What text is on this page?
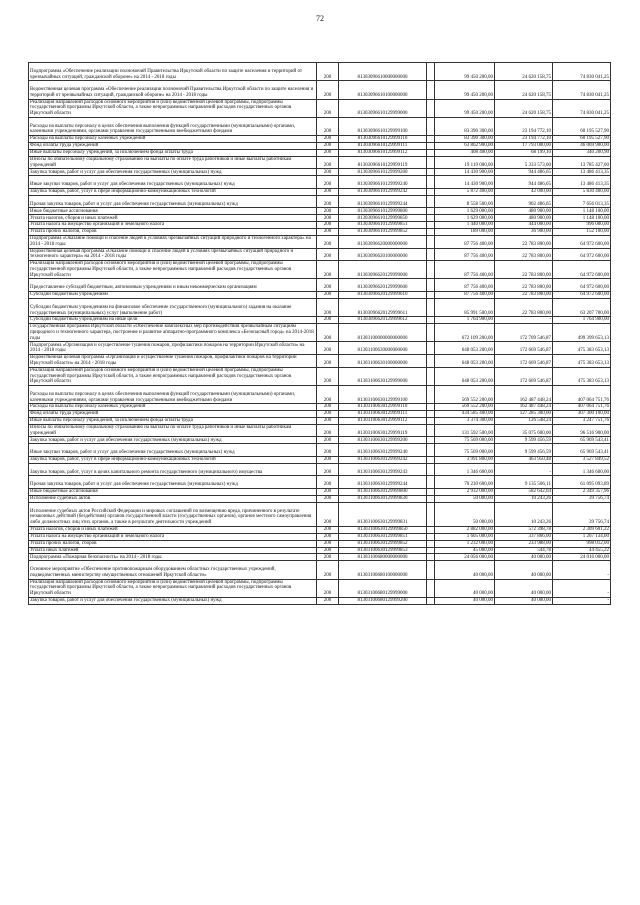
72
Подпрограмма «Обеспечение реализации полномочий Правительства Иркутской области по защите населения и территорий от чрезвычайных ситуаций, гражданской обороне» на 2014 - 2018 годы	200	81303096610000000000		99 450 200,00	24 620 158,75	74 830 041,25
Ведомственная целевая программа «Обеспечение реализации полномочий Правительства Иркутской области по защите населения и территорий от чрезвычайных ситуаций, гражданской обороне» на 2014 - 2018 годы	200	81303096610100000000		99 450 200,00	24 620 158,75	74 830 041,25
Реализация направлений расходов основного мероприятия и (или) ведомственной целевой программы, подпрограммы государственной программы Иркутской области, а также непрограммных направлений расходов государственных органов Иркутской области	200	81303096610129999000		99 450 200,00	24 620 158,75	74 830 041,25
Расходы на выплаты персоналу в целях обеспечения выполнения функций государственными (муниципальными) органами, казенными учреждениями, органами управления государственными внебюджетными фондами	200	81303096610129999100		83 390 300,00	23 194 772,10	60 195 527,90
Расходы на выплаты персоналу казенных учреждений	200	81303096610129999110		83 390 300,00	23 194 772,10	60 195 527,90
Фонд оплаты труда учреждений	200	81303096610129999111		63 862 900,00	17 793 000,00	46 069 900,00
Иные выплаты персоналу учреждений, за исключением фонда оплаты труда	200	81303096610129999112		408 400,00	68 199,10	340 200,90
Взносы по обязательному социальному страхованию на выплаты по оплате труда работников и иные выплаты работникам учреждений	200	81303096610129999119		19 119 000,00	5 333 573,00	13 785 427,00
Закупка товаров, работ и услуг для обеспечения государственных (муниципальных) нужд	200	81303096610129999200		14 430 900,00	944 486,65	13 486 413,35
Иные закупки товаров, работ и услуг для обеспечения государственных (муниципальных) нужд	200	81303096610129999240		14 430 900,00	944 486,65	13 486 413,35
Закупка товаров, работ, услуг в сфере информационно-коммуникационных технологий	200	81303096610129999242		5 872 400,00	42 000,00	5 830 400,00
Прочая закупка товаров, работ и услуг для обеспечения государственных (муниципальных) нужд	200	81303096610129999244		8 558 500,00	902 486,65	7 656 013,35
Иные бюджетные ассигнования	200	81303096610129999800		1 629 000,00	480 900,00	1 148 100,00
Уплата налогов, сборов и иных платежей	200	81303096610129999850		1 629 000,00	480 900,00	1 148 100,00
Уплата налога на имущество организаций и земельного налога	200	81303096610129999851		1 440 000,00	444 000,00	996 000,00
Уплата прочих налогов, сборов	200	81303096610129999852		189 000,00	36 900,00	152 100,00
Подпрограмма «Оказание помощи и спасение людей в условиях чрезвычайных ситуаций природного и техногенного характера» на 2014 - 2018 годы	200	81303096620000000000		87 756 400,00	22 783 800,00	64 972 600,00
Ведомственная целевая программа «Оказание помощи и спасение людей в условиях чрезвычайных ситуаций природного и техногенного характера» на 2014 - 2018 годы	200	81303096620100000000		87 756 400,00	22 783 800,00	64 972 600,00
Реализация направлений расходов основного мероприятия и (или) ведомственной целевой программы, подпрограммы государственной программы Иркутской области, а также непрограммных направлений расходов государственных органов Иркутской области	200	81303096620129999000		87 756 400,00	22 783 800,00	64 972 600,00
Предоставление субсидий бюджетным, автономным учреждениям и иным некоммерческим организациям	200	81303096620129999600		87 756 400,00	22 783 800,00	64 972 600,00
Субсидии бюджетным учреждениям	200	81303096620129999610		87 756 400,00	22 783 800,00	64 972 600,00
Субсидии бюджетным учреждениям на финансовое обеспечение государственного (муниципального) задания на оказание государственных (муниципальных) услуг (выполнение работ)	200	81303096620129999611		85 991 500,00	22 783 800,00	63 207 700,00
Субсидии бюджетным учреждениям на иные цели	200	81303096620129999612		1 764 900,00	-	1 764 900,00
Государственная программа Иркутской области «Обеспечение комплексных мер противодействия чрезвычайным ситуациям природного и техногенного характера, построение и развитие аппаратно-программного комплекса «Безопасный город» на 2014-2018 годы	200	81303100000000000000		672 109 200,00	172 709 546,87	499 399 653,13
Подпрограмма «Организация и осуществление тушения пожаров, профилактики пожаров на территории Иркутской области» на 2014 - 2018 годы	200	81303100630000000000		648 053 200,00	172 669 546,87	475 383 653,13
Ведомственная целевая программа «Организация и осуществление тушения пожаров, профилактики пожаров на территории Иркутской области» на 2014 - 2018 годы	200	81303100630100000000		648 053 200,00	172 669 546,87	475 383 653,13
Реализация направлений расходов основного мероприятия и (или) ведомственной целевой программы, подпрограммы государственной программы Иркутской области, а также непрограммных направлений расходов государственных органов Иркутской области	200	81303100630129999000		648 053 200,00	172 669 546,87	475 383 653,13
Расходы на выплаты персоналу в целях обеспечения выполнения функций государственными (муниципальными) органами, казенными учреждениями, органами управления государственными внебюджетными фондами	200	81303100630129999100		569 552 200,00	162 487 448,24	407 064 751,76
Расходы на выплаты персоналу казенных учреждений	200	81303100630129999110		569 552 200,00	162 487 448,24	407 064 751,76
Фонд оплаты труда учреждений	200	81303100630129999111		434 585 400,00	127 285 300,00	307 300 100,00
Иные выплаты персоналу учреждений, за исключением фонда оплаты труда	200	81303100630129999112		3 374 300,00	126 548,24	3 247 751,76
Взносы по обязательному социальному страхованию на выплаты по оплате труда работников и иные выплаты работникам учреждений	200	81303100630129999119		131 592 500,00	35 075 600,00	96 516 900,00
Закупка товаров, работ и услуг для обеспечения государственных (муниципальных) нужд	200	81303100630129999200		75 569 000,00	9 599 456,59	65 969 543,41
Иные закупки товаров, работ и услуг для обеспечения государственных (муниципальных) нужд	200	81303100630129999240		75 569 000,00	9 599 456,59	65 969 543,41
Закупка товаров, работ, услуг в сфере информационно-коммуникационных технологий	200	81303100630129999242		3 991 800,00	463 950,48	3 527 849,52
Закупка товаров, работ, услуг в целях капитального ремонта государственного (муниципального) имущества	200	81303100630129999243		1 346 600,00	-	1 346 600,00
Прочая закупка товаров, работ и услуг для обеспечения государственных (муниципальных) нужд	200	81303100630129999244		70 230 600,00	9 135 506,11	61 095 093,89
Иные бюджетные ассигнования	200	81303100630129999800		2 932 000,00	582 642,04	2 349 357,96
Исполнение судебных актов	200	81303100630129999830		50 000,00	10 243,26	39 756,74
Исполнение судебных актов Российской Федерации и мировых соглашений по возмещению вреда, причиненного в результате незаконных действий (бездействия) органов государственной власти (государственных органов), органов местного самоуправления либо должностных лиц этих органов, а также в результате деятельности учреждений	200	81303100630129999831		50 000,00	10 243,26	39 756,74
Уплата налогов, сборов и иных платежей	200	81303100630129999850		2 882 000,00	572 398,78	2 309 601,22
Уплата налога на имущество организаций и земельного налога	200	81303100630129999851		1 605 000,00	337 866,00	1 267 134,00
Уплата прочих налогов, сборов	200	81303100630129999852		1 232 000,00	233 988,00	998 012,00
Уплата иных платежей	200	81303100630129999853		45 000,00	544,78	44 455,22
Подпрограмма «Пожарная безопасность» на 2014 - 2018 годы	200	81303100680000000000		24 056 000,00	40 000,00	24 016 000,00
Основное мероприятие «Обеспечение противопожарным оборудованием областных государственных учреждений, подведомственных министерству имущественных отношений Иркутской области»	200	81303100680100000000		40 000,00	40 000,00	-
Реализация направлений расходов основного мероприятия и (или) ведомственной целевой программы, подпрограммы государственной программы Иркутской области, а также непрограммных направлений расходов государственных органов Иркутской области	200	81303100680129999000		40 000,00	40 000,00	-
Закупка товаров, работ и услуг для обеспечения государственных (муниципальных) нужд	200	81303100680129999200		40 000,00	40 000,00	-
